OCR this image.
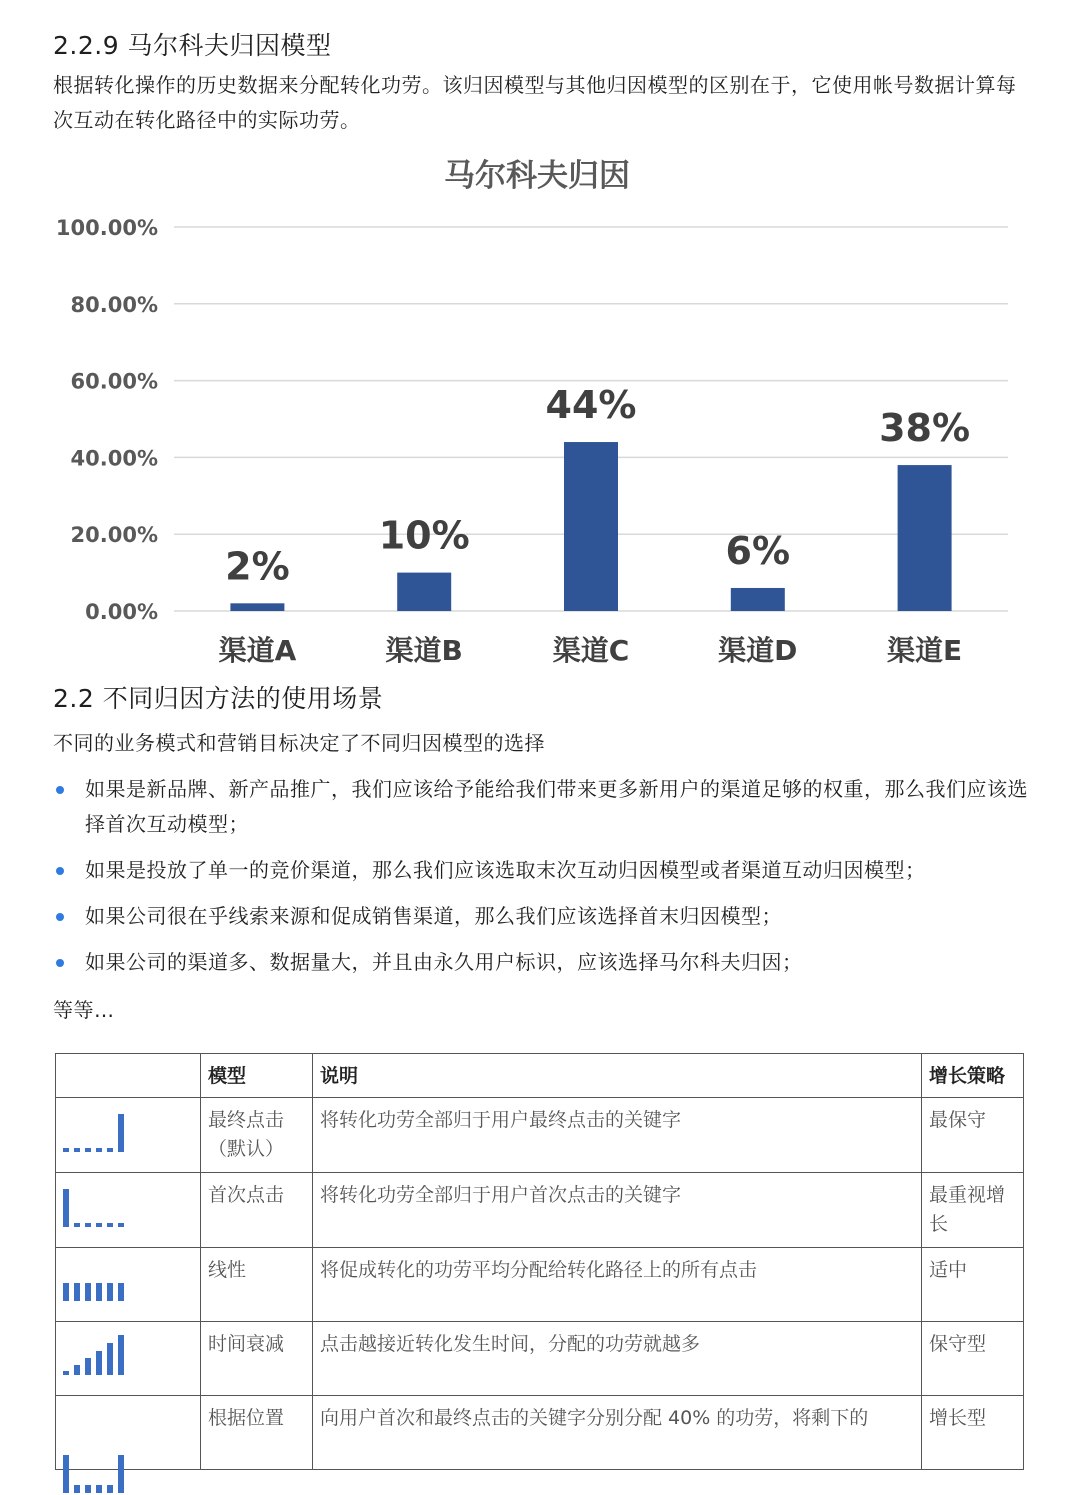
2.2.9 马尔科夫归因模型

根据转化操作的历史数据来分配转化功劳。该归因模型与其他归因模型的区别在于，它使用帐号数据计算每次互动在转化路径中的实际功劳。

马尔科夫归因
0.00%
20.00%
40.00%
60.00%
80.00%
100.00%
2%
渠道A
10%
渠道B
44%
渠道C
6%
渠道D
38%
渠道E
2.2 不同归因方法的使用场景

不同的业务模式和营销目标决定了不同归因模型的选择

如果是新品牌、新产品推广，我们应该给予能给我们带来更多新用户的渠道足够的权重，那么我们应该选择首次互动模型；
如果是投放了单一的竞价渠道，那么我们应该选取末次互动归因模型或者渠道互动归因模型；
如果公司很在乎线索来源和促成销售渠道，那么我们应该选择首末归因模型；
如果公司的渠道多、数据量大，并且由永久用户标识，应该选择马尔科夫归因；

等等…

	模型	说明	增长策略

	最终点击（默认）	将转化功劳全部归于用户最终点击的关键字	最保守

	首次点击	将转化功劳全部归于用户首次点击的关键字	最重视增长

	线性	将促成转化的功劳平均分配给转化路径上的所有点击	适中

	时间衰减	点击越接近转化发生时间，分配的功劳就越多	保守型

	根据位置	向用户首次和最终点击的关键字分别分配 40% 的功劳，将剩下的	增长型
